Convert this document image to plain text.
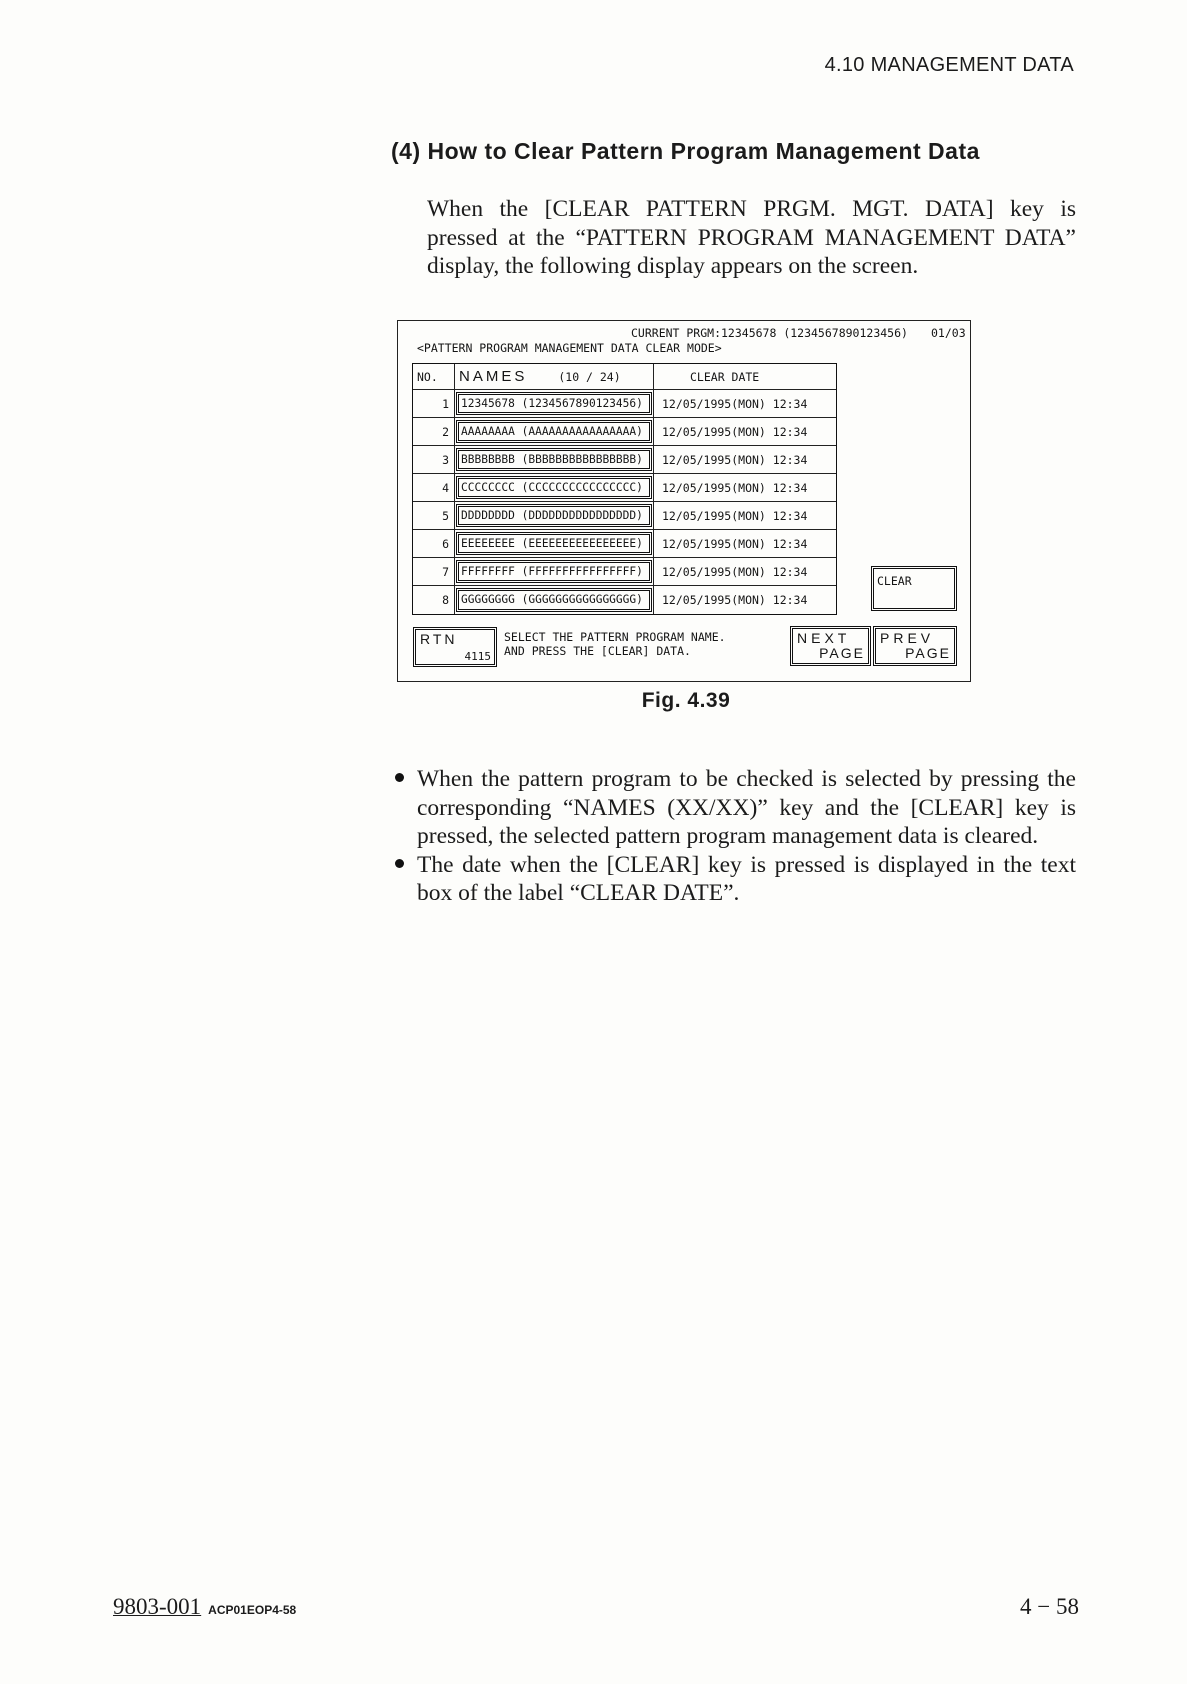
4.10 MANAGEMENT DATA
(4) How to Clear Pattern Program Management Data
When the [CLEAR PATTERN PRGM. MGT. DATA] key is
pressed at the “PATTERN PROGRAM MANAGEMENT DATA”
display, the following display appears on the screen.
CURRENT PRGM:12345678 (1234567890123456) 01/03
<PATTERN PROGRAM MANAGEMENT DATA CLEAR MODE>
NO.	NAMES	(10 / 24)	CLEAR DATE
1	12345678 (1234567890123456)	12/05/1995(MON) 12:34
2	AAAAAAAA (AAAAAAAAAAAAAAAA)	12/05/1995(MON) 12:34
3	BBBBBBBB (BBBBBBBBBBBBBBBB)	12/05/1995(MON) 12:34
4	CCCCCCCC (CCCCCCCCCCCCCCCC)	12/05/1995(MON) 12:34
5	DDDDDDDD (DDDDDDDDDDDDDDDD)	12/05/1995(MON) 12:34
6	EEEEEEEE (EEEEEEEEEEEEEEEE)	12/05/1995(MON) 12:34
7	FFFFFFFF (FFFFFFFFFFFFFFFF)	12/05/1995(MON) 12:34
8	GGGGGGGG (GGGGGGGGGGGGGGGG)	12/05/1995(MON) 12:34
CLEAR
RTN
4115
SELECT THE PATTERN PROGRAM NAME.
AND PRESS THE [CLEAR] DATA.
NEXT
PAGE
PREV
PAGE
Fig. 4.39
When the pattern program to be checked is selected by pressing the
corresponding “NAMES (XX/XX)” key and the [CLEAR] key is
pressed, the selected pattern program management data is cleared.
The date when the [CLEAR] key is pressed is displayed in the text
box of the label “CLEAR DATE”.
9803-001 ACP01EOP4-58	4 − 58
